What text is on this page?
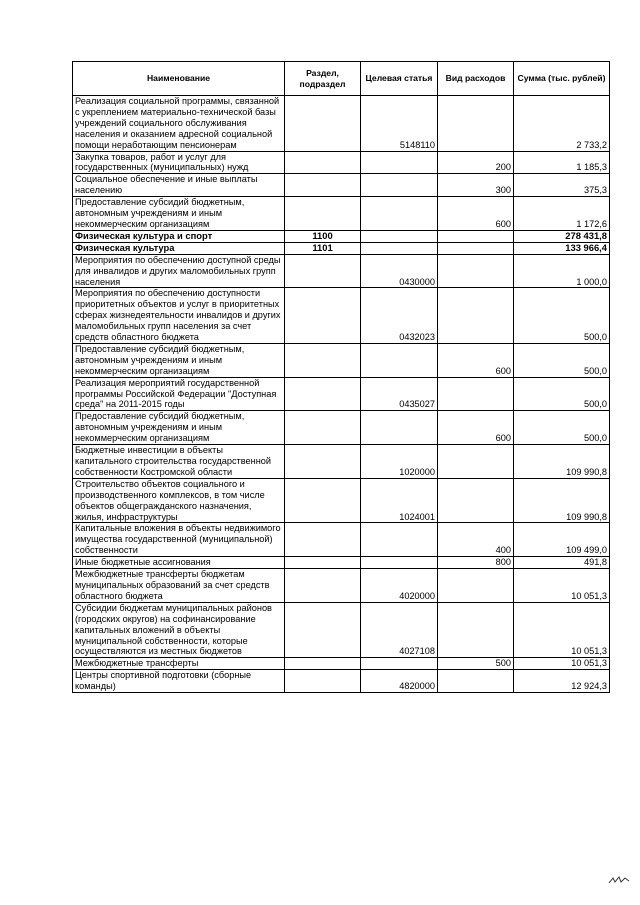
Наименование	Раздел, подраздел	Целевая статья	Вид расходов	Сумма (тыс. рублей)
Реализация социальной программы, связанной с укреплением материально-технической базы учреждений социального обслуживания населения и оказанием адресной социальной помощи неработающим пенсионерам		5148110		2 733,2
Закупка товаров, работ и услуг для государственных (муниципальных) нужд			200	1 185,3
Социальное обеспечение и иные выплаты населению			300	375,3
Предоставление субсидий бюджетным, автономным учреждениям и иным некоммерческим организациям			600	1 172,6
Физическая культура и спорт	1100			278 431,8
Физическая культура	1101			133 966,4
Мероприятия по обеспечению доступной среды для инвалидов и других маломобильных групп населения		0430000		1 000,0
Мероприятия по обеспечению доступности приоритетных объектов и услуг в приоритетных сферах жизнедеятельности инвалидов и других маломобильных групп населения за счет средств областного бюджета		0432023		500,0
Предоставление субсидий бюджетным, автономным учреждениям и иным некоммерческим организациям			600	500,0
Реализация мероприятий государственной программы Российской Федерации "Доступная среда" на 2011-2015 годы		0435027		500,0
Предоставление субсидий бюджетным, автономным учреждениям и иным некоммерческим организациям			600	500,0
Бюджетные инвестиции в объекты капитального строительства государственной собственности Костромской области		1020000		109 990,8
Строительство объектов социального и производственного комплексов, в том числе объектов общегражданского назначения, жилья, инфраструктуры		1024001		109 990,8
Капитальные вложения в объекты недвижимого имущества государственной (муниципальной) собственности			400	109 499,0
Иные бюджетные ассигнования			800	491,8
Межбюджетные трансферты бюджетам муниципальных образований за счет средств областного бюджета		4020000		10 051,3
Субсидии бюджетам муниципальных районов (городских округов) на софинансирование капитальных вложений в объекты муниципальной собственности, которые осуществляются из местных бюджетов		4027108		10 051,3
Межбюджетные трансферты			500	10 051,3
Центры спортивной подготовки (сборные команды)		4820000		12 924,3
